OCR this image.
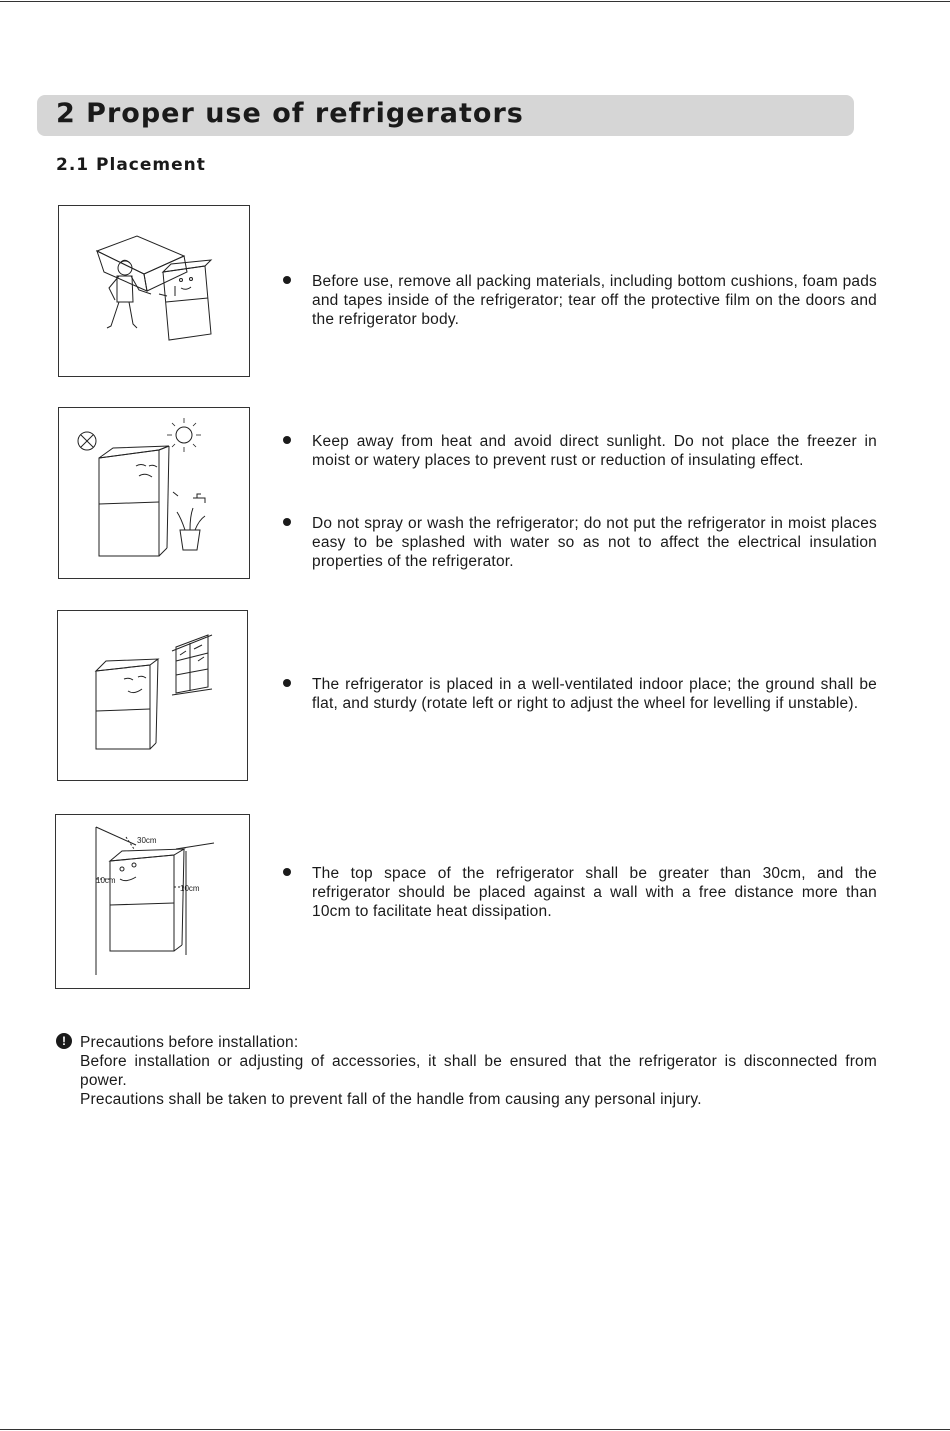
2 Proper use of refrigerators
2.1 Placement
30cm
10cm
10cm
Before use, remove all packing materials, including bottom cushions, foam pads and tapes inside of the refrigerator; tear off the protective film on the doors and the refrigerator body.
Keep away from heat and avoid direct sunlight. Do not place the freezer in moist or watery places to prevent rust or reduction of insulating effect.
Do not spray or wash the refrigerator; do not put the refrigerator in moist places easy to be splashed with water so as not to affect the electrical insulation properties of the refrigerator.
The refrigerator is placed in a well-ventilated indoor place; the ground shall be flat, and sturdy (rotate left or right to adjust the wheel for levelling if unstable).
The top space of the refrigerator shall be greater than 30cm, and the refrigerator should be placed against a wall with a free distance more than 10cm to facilitate heat dissipation.
! Precautions before installation:
Before installation or adjusting of accessories, it shall be ensured that the refrigerator is disconnected from power.
Precautions shall be taken to prevent fall of the handle from causing any personal injury.
